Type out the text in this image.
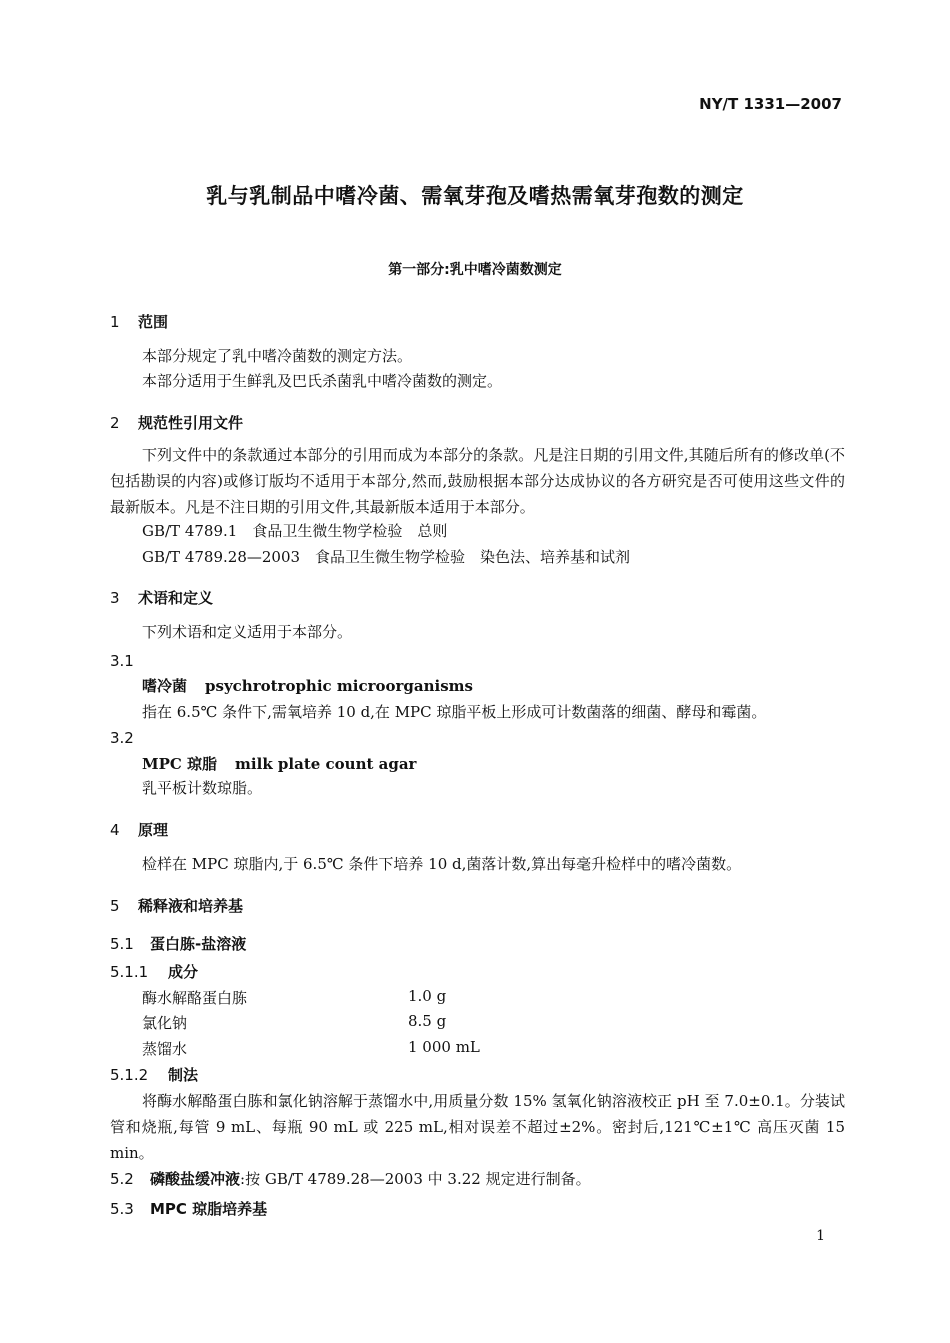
NY/T 1331—2007
乳与乳制品中嗜冷菌、需氧芽孢及嗜热需氧芽孢数的测定
第一部分:乳中嗜冷菌数测定
1 范围
本部分规定了乳中嗜冷菌数的测定方法。
本部分适用于生鲜乳及巴氏杀菌乳中嗜冷菌数的测定。
2 规范性引用文件
下列文件中的条款通过本部分的引用而成为本部分的条款。凡是注日期的引用文件,其随后所有的修改单(不包括勘误的内容)或修订版均不适用于本部分,然而,鼓励根据本部分达成协议的各方研究是否可使用这些文件的最新版本。凡是不注日期的引用文件,其最新版本适用于本部分。
GB/T 4789.1　食品卫生微生物学检验　总则
GB/T 4789.28—2003　食品卫生微生物学检验　染色法、培养基和试剂
3 术语和定义
下列术语和定义适用于本部分。
3.1
嗜冷菌 psychrotrophic microorganisms
指在 6.5℃ 条件下,需氧培养 10 d,在 MPC 琼脂平板上形成可计数菌落的细菌、酵母和霉菌。
3.2
MPC 琼脂 milk plate count agar
乳平板计数琼脂。
4 原理
检样在 MPC 琼脂内,于 6.5℃ 条件下培养 10 d,菌落计数,算出每毫升检样中的嗜冷菌数。
5 稀释液和培养基
5.1 蛋白胨-盐溶液
5.1.1 成分
酶水解酪蛋白胨	1.0 g
氯化钠	8.5 g
蒸馏水	1 000 mL
5.1.2 制法
将酶水解酪蛋白胨和氯化钠溶解于蒸馏水中,用质量分数 15% 氢氧化钠溶液校正 pH 至 7.0±0.1。分装试管和烧瓶,每管 9 mL、每瓶 90 mL 或 225 mL,相对误差不超过±2%。密封后,121℃±1℃ 高压灭菌 15 min。
5.2 磷酸盐缓冲液:按 GB/T 4789.28—2003 中 3.22 规定进行制备。
5.3 MPC 琼脂培养基
1
